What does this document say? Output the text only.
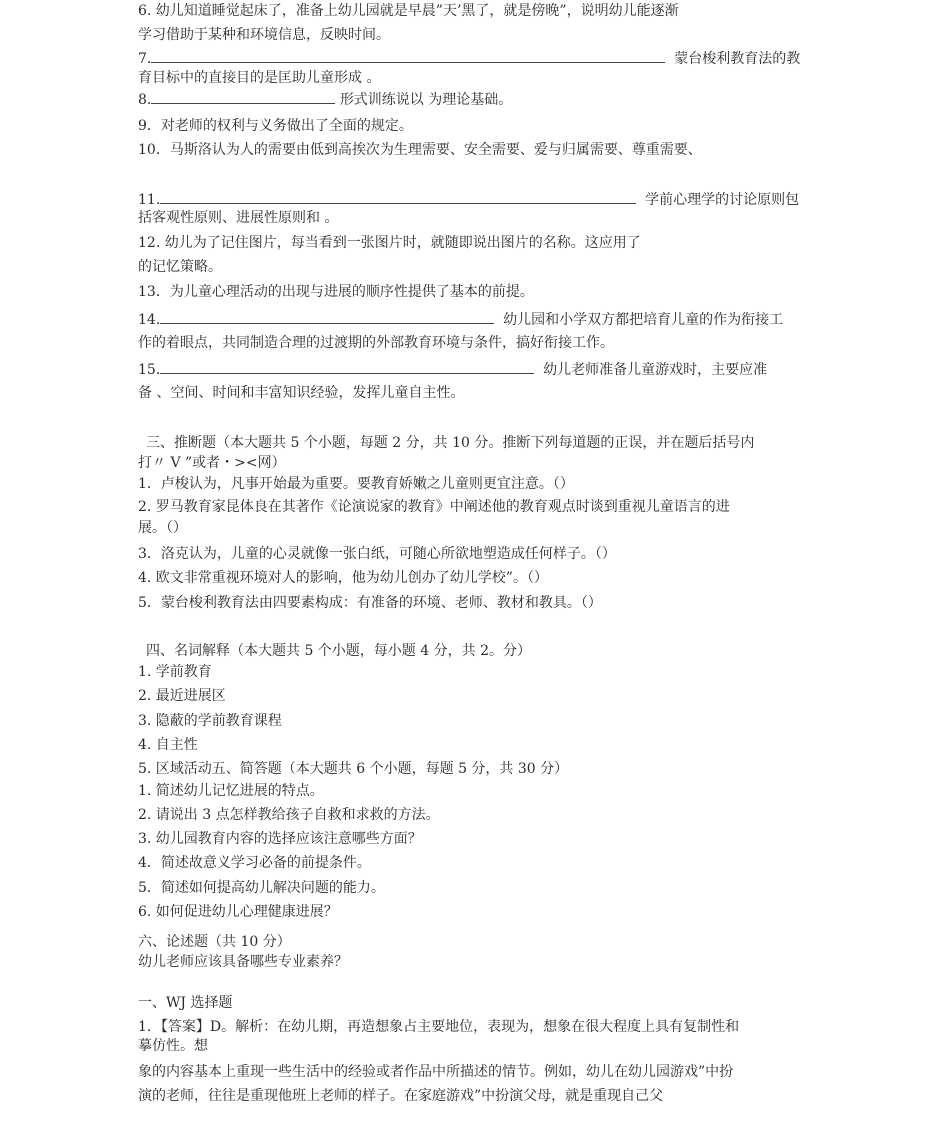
6. 幼儿知道睡觉起床了，准备上幼儿园就是早晨”天’黑了，就是傍晚”，说明幼儿能逐渐

学习借助于某种和环境信息，反映时间。

7.	蒙台梭利教育法的教

育目标中的直接目的是匡助儿童形成 。

8.	形式训练说以 为理论基础。

9．对老师的权利与义务做出了全面的规定。

10．马斯洛认为人的需要由低到高挨次为生理需要、安全需要、爱与归属需要、尊重需要、

11.	学前心理学的讨论原则包

括客观性原则、进展性原则和 。

12. 幼儿为了记住图片，每当看到一张图片时，就随即说出图片的名称。这应用了

的记忆策略。

13．为儿童心理活动的出现与进展的顺序性提供了基本的前提。

14.	幼儿园和小学双方都把培育儿童的作为衔接工

作的着眼点，共同制造合理的过渡期的外部教育环境与条件，搞好衔接工作。

15.	幼儿老师准备儿童游戏时，主要应准

备 、空间、时间和丰富知识经验，发挥儿童自主性。

三、推断题（本大题共 5 个小题，每题 2 分，共 10 分。推断下列每道题的正误，并在题后括号内

打〃 V ”或者・><网）

1．卢梭认为，凡事开始最为重要。要教育娇嫩之儿童则更宜注意。（）

2. 罗马教育家昆体良在其著作《论演说家的教育》中阐述他的教育观点时谈到重视儿童语言的进

展。（）

3．洛克认为，儿童的心灵就像一张白纸，可随心所欲地塑造成任何样子。（）

4. 欧文非常重视环境对人的影响，他为幼儿创办了幼儿学校”。（）

5．蒙台梭利教育法由四要素构成：有准备的环境、老师、教材和教具。（）

四、名词解释（本大题共 5 个小题，每小题 4 分，共 2。分）

1. 学前教育

2. 最近进展区

3. 隐蔽的学前教育课程

4. 自主性

5. 区域活动五、简答题（本大题共 6 个小题，每题 5 分，共 30 分）

1. 简述幼儿记忆进展的特点。

2. 请说出 3 点怎样教给孩子自救和求救的方法。

3. 幼儿园教育内容的选择应该注意哪些方面？

4．简述故意义学习必备的前提条件。

5．简述如何提高幼儿解决问题的能力。

6. 如何促进幼儿心理健康进展？

六、论述题（共 10 分）

幼儿老师应该具备哪些专业素养？

一、WJ 选择题

1．【答案】D。解析：在幼儿期，再造想象占主要地位，表现为，想象在很大程度上具有复制性和

摹仿性。想

象的内容基本上重现一些生活中的经验或者作品中所描述的情节。例如，幼儿在幼儿园游戏”中扮

演的老师，往往是重现他班上老师的样子。在家庭游戏”中扮演父母，就是重现自己父
